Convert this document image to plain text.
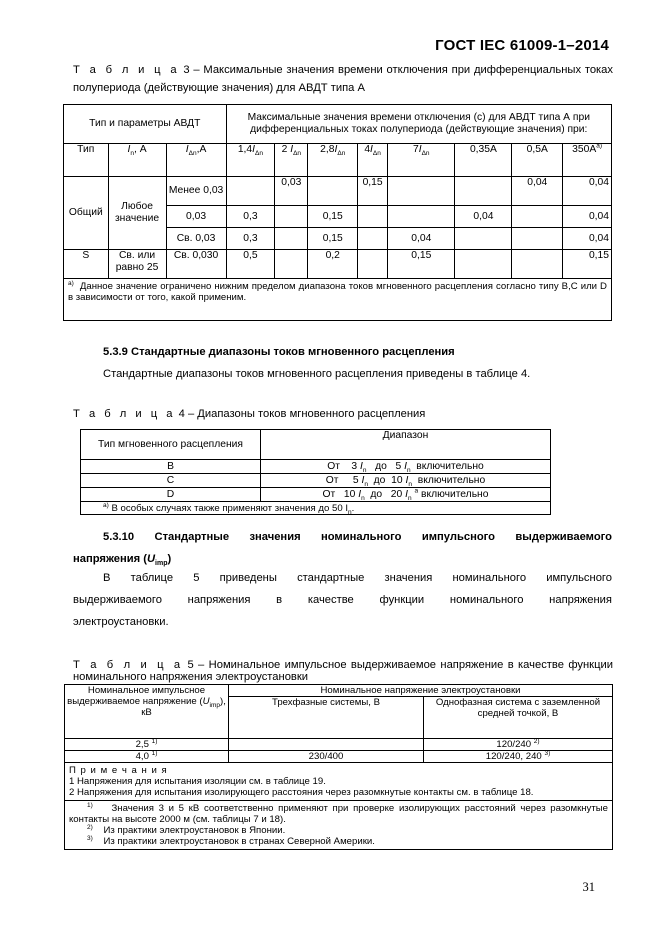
ГОСТ IEC 61009-1–2014
Т а б л и ц а 3 – Максимальные значения времени отключения при дифференциальных токах
полупериода (действующие значения) для АВДТ типа А
Тип и параметры АВДТ			Максимальные значения времени отключения (с) для АВДТ типа А при дифференциальных токах полупериода (действующие значения) при:							
Тип	$I_n$, А	$I_{\Delta n},А$	$1,4I_{\Delta n}$	2 $I_{\Delta n}$	$2,8I_{\Delta n}$	$4I_{\Delta n}$	$7I_{\Delta n}$	0,35А	0,5А	$350А^{a)}$
Общий	Любое значение	Менее 0,03		0,03		0,15			0,04	0,04
		0,03	0,3		0,15			0,04		0,04
		Св. 0,03	0,3		0,15		0,04			0,04
S	Св. или равно 25	Св. 0,030	0,5		0,2		0,15			0,15
$^{a)}$ Данное значение ограничено нижним пределом диапазона токов мгновенного расцепления согласно типу B,C или D в зависимости от того, какой применим.										
5.3.9 Стандартные диапазоны токов мгновенного расцепления
Стандартные диапазоны токов мгновенного расцепления приведены в таблице 4.
Т а б л и ц а 4 – Диапазоны токов мгновенного расцепления
Тип мгновенного расцепления	Диапазон
B	От 3 $I_n$ до 5 $I_n$ включительно
C	От 5 $I_n$ до 10 $I_n$ включительно
D	От 10 $I_n$ до 20 $I_n$ $^a$ включительно
$^{a)}$ В особых случаях также применяют значения до 50 $I_n$.	
5.3.10 Стандартные значения номинального импульсного выдерживаемого
напряжения $(U_{imp})$
В таблице 5 приведены стандартные значения номинального импульсного
выдерживаемого напряжения в качестве функции номинального напряжения
электроустановки.
Т а б л и ц а 5 – Номинальное импульсное выдерживаемое напряжение в качестве функции
номинального напряжения электроустановки
Номинальное импульсное выдерживаемое напряжение $(U_{imp})$, кВ	Номинальное напряжение электроустановки	
	Трехфазные системы, В	Однофазная система с заземленной средней точкой, В
2,5 $^{1)}$		120/240 $^{2)}$
4,0 $^{1)}$	230/400	120/240, 240 $^{3)}$

П р и м е ч а н и я
1 Напряжения для испытания изоляции см. в таблице 19.
2 Напряжения для испытания изолирующего расстояния через разомкнутые контакты см. в таблице 18.		

$^{1)}$ Значения 3 и 5 кВ соответственно применяют при проверке изолирующих расстояний через разомкнутые контакты на высоте 2000 м (см. таблицы 7 и 18).
$^{2)}$ Из практики электроустановок в Японии.
$^{3)}$ Из практики электроустановок в странах Северной Америки.		
31
